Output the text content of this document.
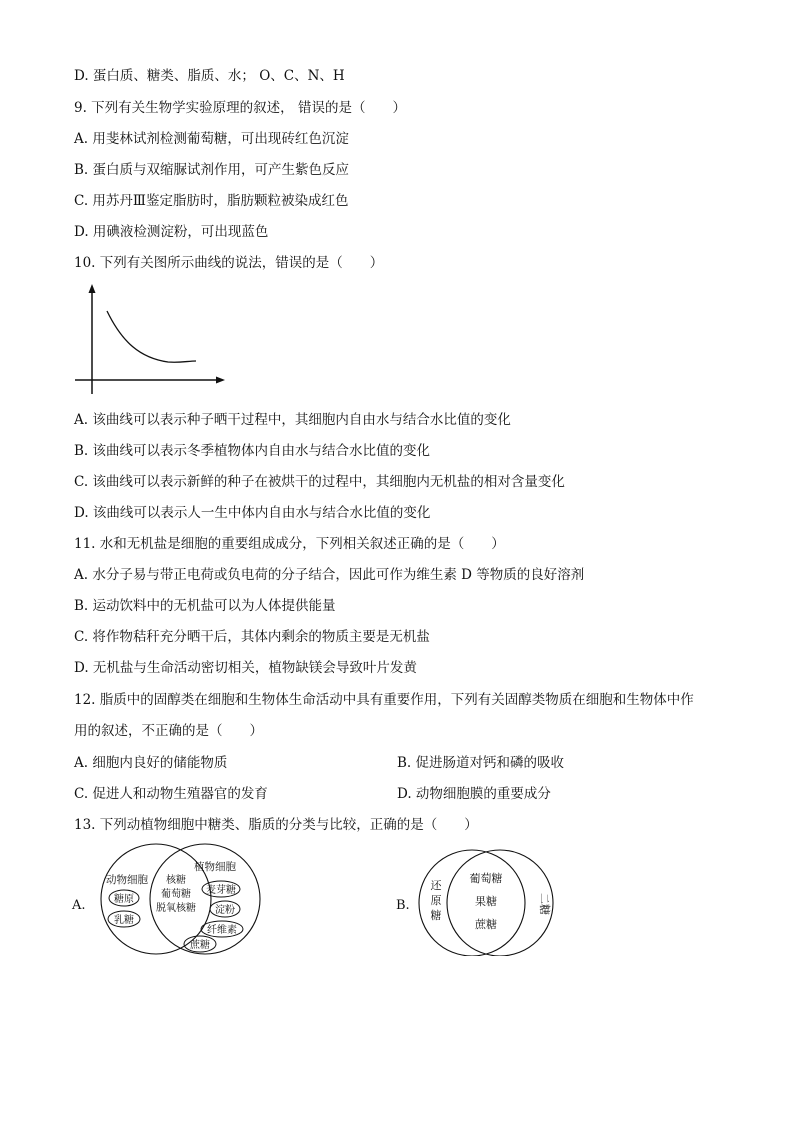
D. 蛋白质、糖类、脂质、水； O、C、N、H
9. 下列有关生物学实验原理的叙述， 错误的是（　　）
A. 用斐林试剂检测葡萄糖，可出现砖红色沉淀
B. 蛋白质与双缩脲试剂作用，可产生紫色反应
C. 用苏丹Ⅲ鉴定脂肪时，脂肪颗粒被染成红色
D. 用碘液检测淀粉，可出现蓝色
10. 下列有关图所示曲线的说法，错误的是（　　）
A. 该曲线可以表示种子晒干过程中，其细胞内自由水与结合水比值的变化
B. 该曲线可以表示冬季植物体内自由水与结合水比值的变化
C. 该曲线可以表示新鲜的种子在被烘干的过程中，其细胞内无机盐的相对含量变化
D. 该曲线可以表示人一生中体内自由水与结合水比值的变化
11. 水和无机盐是细胞的重要组成成分，下列相关叙述正确的是（　　）
A. 水分子易与带正电荷或负电荷的分子结合，因此可作为维生素 D 等物质的良好溶剂
B. 运动饮料中的无机盐可以为人体提供能量
C. 将作物秸秆充分晒干后，其体内剩余的物质主要是无机盐
D. 无机盐与生命活动密切相关，植物缺镁会导致叶片发黄
12. 脂质中的固醇类在细胞和生物体生命活动中具有重要作用，下列有关固醇类物质在细胞和生物体中作
用的叙述，不正确的是（　　）
A. 细胞内良好的储能物质	B. 促进肠道对钙和磷的吸收
C. 促进人和动物生殖器官的发育	D. 动物细胞膜的重要成分
13. 下列动植物细胞中糖类、脂质的分类与比较，正确的是（　　）
A.
动物细胞
植物细胞
糖原
乳糖
核糖
葡萄糖
脱氧核糖
麦芽糖
淀粉
纤维素
蔗糖
B.
还
原
糖
葡萄糖
果糖
蔗糖
二糖
